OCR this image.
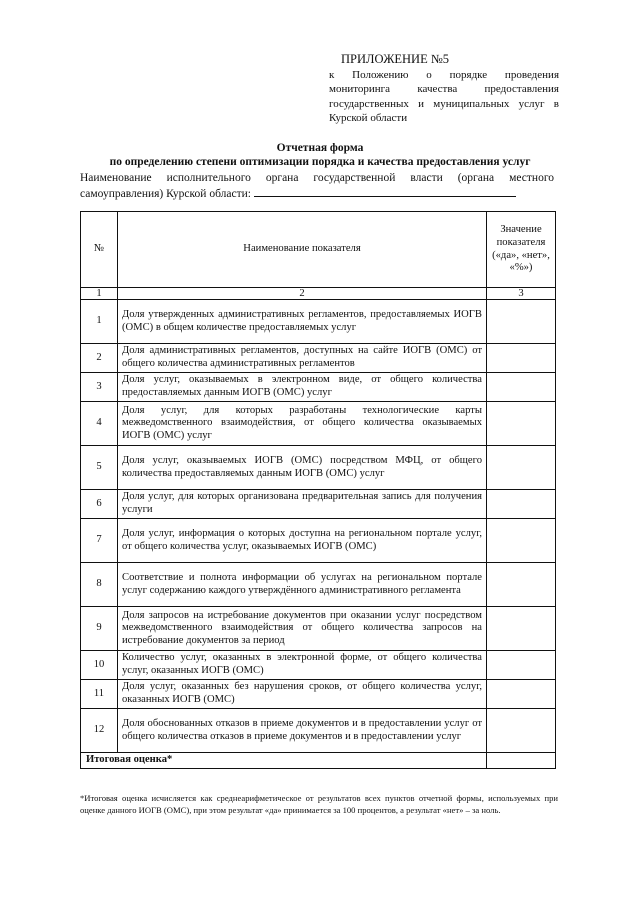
ПРИЛОЖЕНИЕ №5
к Положению о порядке проведения мониторинга качества предоставления государственных и муниципальных услуг в Курской области
Отчетная форма
по определению степени оптимизации порядка и качества предоставления услуг
Наименование исполнительного органа государственной власти (органа местного самоуправления) Курской области:
№	Наименование показателя	Значение показателя («да», «нет», «%»)
1	2	3
1	Доля утвержденных административных регламентов, предоставляемых ИОГВ (ОМС) в общем количестве предоставляемых услуг	
2	Доля административных регламентов, доступных на сайте ИОГВ (ОМС) от общего количества административных регламентов	
3	Доля услуг, оказываемых в электронном виде, от общего количества предоставляемых данным ИОГВ (ОМС) услуг	
4	Доля услуг, для которых разработаны технологические карты межведомственного взаимодействия, от общего количества оказываемых ИОГВ (ОМС) услуг	
5	Доля услуг, оказываемых ИОГВ (ОМС) посредством МФЦ, от общего количества предоставляемых данным ИОГВ (ОМС) услуг	
6	Доля услуг, для которых организована предварительная запись для получения услуги	
7	Доля услуг, информация о которых доступна на региональном портале услуг, от общего количества услуг, оказываемых ИОГВ (ОМС)	
8	Соответствие и полнота информации об услугах на региональном портале услуг содержанию каждого утверждённого административного регламента	
9	Доля запросов на истребование документов при оказании услуг посредством межведомственного взаимодействия от общего количества запросов на истребование документов за период	
10	Количество услуг, оказанных в электронной форме, от общего количества услуг, оказанных ИОГВ (ОМС)	
11	Доля услуг, оказанных без нарушения сроков, от общего количества услуг, оказанных ИОГВ (ОМС)	
12	Доля обоснованных отказов в приеме документов и в предоставлении услуг от общего количества отказов в приеме документов и в предоставлении услуг	
Итоговая оценка*		
*Итоговая оценка исчисляется как среднеарифметическое от результатов всех пунктов отчетной формы, используемых при оценке данного ИОГВ (ОМС), при этом результат «да» принимается за 100 процентов, а результат «нет» – за ноль.
